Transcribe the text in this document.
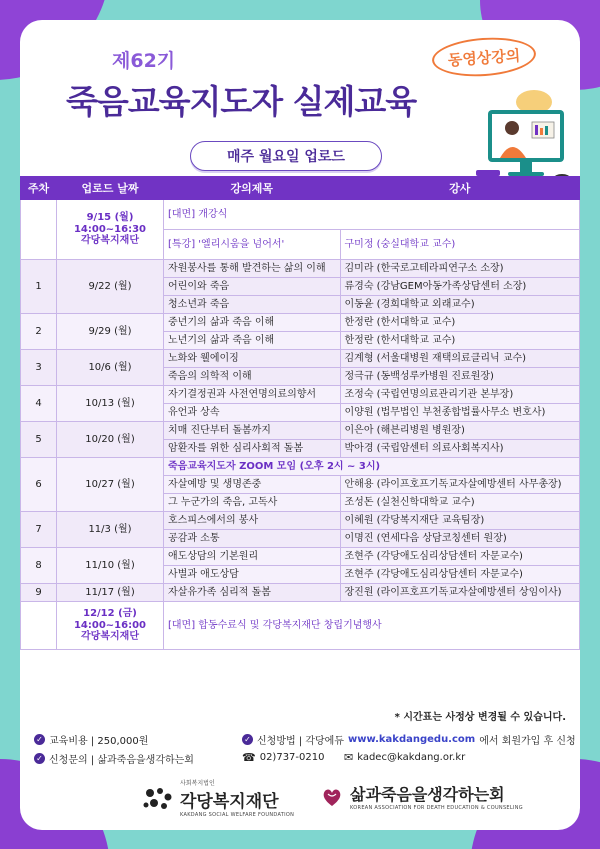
제62기
죽음교육지도자 실제교육
동영상강의
매주 월요일 업로드
주차	업로드 날짜	강의제목	강사

	9/15 (월)
14:00~16:30
각당복지재단	[대면] 개강식	
		[특강] '엘리시움을 넘어서'	구미정 (숭실대학교 교수)
1	9/22 (월)	자원봉사를 통해 발견하는 삶의 이해	김미라 (한국로고테라피연구소 소장)
		어린이와 죽음	류경숙 (강남GEM아동가족상담센터 소장)
		청소년과 죽음	이동윤 (경희대학교 외래교수)
2	9/29 (월)	중년기의 삶과 죽음 이해	한정란 (한서대학교 교수)
		노년기의 삶과 죽음 이해	한정란 (한서대학교 교수)
3	10/6 (월)	노화와 웰에이징	김계형 (서울대병원 재택의료클리닉 교수)
		죽음의 의학적 이해	정극규 (동백성루카병원 진료원장)
4	10/13 (월)	자기결정권과 사전연명의료의향서	조정숙 (국립연명의료관리기관 본부장)
		유언과 상속	이양원 (법무법인 부천종합법률사무소 변호사)
5	10/20 (월)	치매 진단부터 돌봄까지	이은아 (해븐리병원 병원장)
		암환자를 위한 심리사회적 돌봄	박아경 (국립암센터 의료사회복지사)
6	10/27 (월)	죽음교육지도자 ZOOM 모임 (오후 2시 ~ 3시)	
		자살예방 및 생명존중	안해용 (라이프호프기독교자살예방센터 사무총장)
		그 누군가의 죽음, 고독사	조성돈 (실천신학대학교 교수)
7	11/3 (월)	호스피스에서의 봉사	이혜원 (각당복지재단 교육팀장)
		공감과 소통	이명진 (연세다음 상담코칭센터 원장)
8	11/10 (월)	애도상담의 기본원리	조현주 (각당애도심리상담센터 자문교수)
		사별과 애도상담	조현주 (각당애도심리상담센터 자문교수)
9	11/17 (월)	자살유가족 심리적 돌봄	장진원 (라이프호프기독교자살예방센터 상임이사)

	12/12 (금)
14:00~16:00
각당복지재단	[대면] 합동수료식 및 각당복지재단 창립기념행사	
* 시간표는 사정상 변경될 수 있습니다.
✓ 교육비용 | 250,000원
✓ 신청문의 | 삶과죽음을생각하는회
✓ 신청방법 | 각당에듀 www.kakdangedu.com 에서 회원가입 후 신청
☎ 02)737-0210 ✉ kadec@kakdang.or.kr
사회복지법인
각당복지재단
KAKDANG SOCIAL WELFARE FOUNDATION
삶과죽음을생각하는회
KOREAN ASSOCIATION FOR DEATH EDUCATION & COUNSELING
